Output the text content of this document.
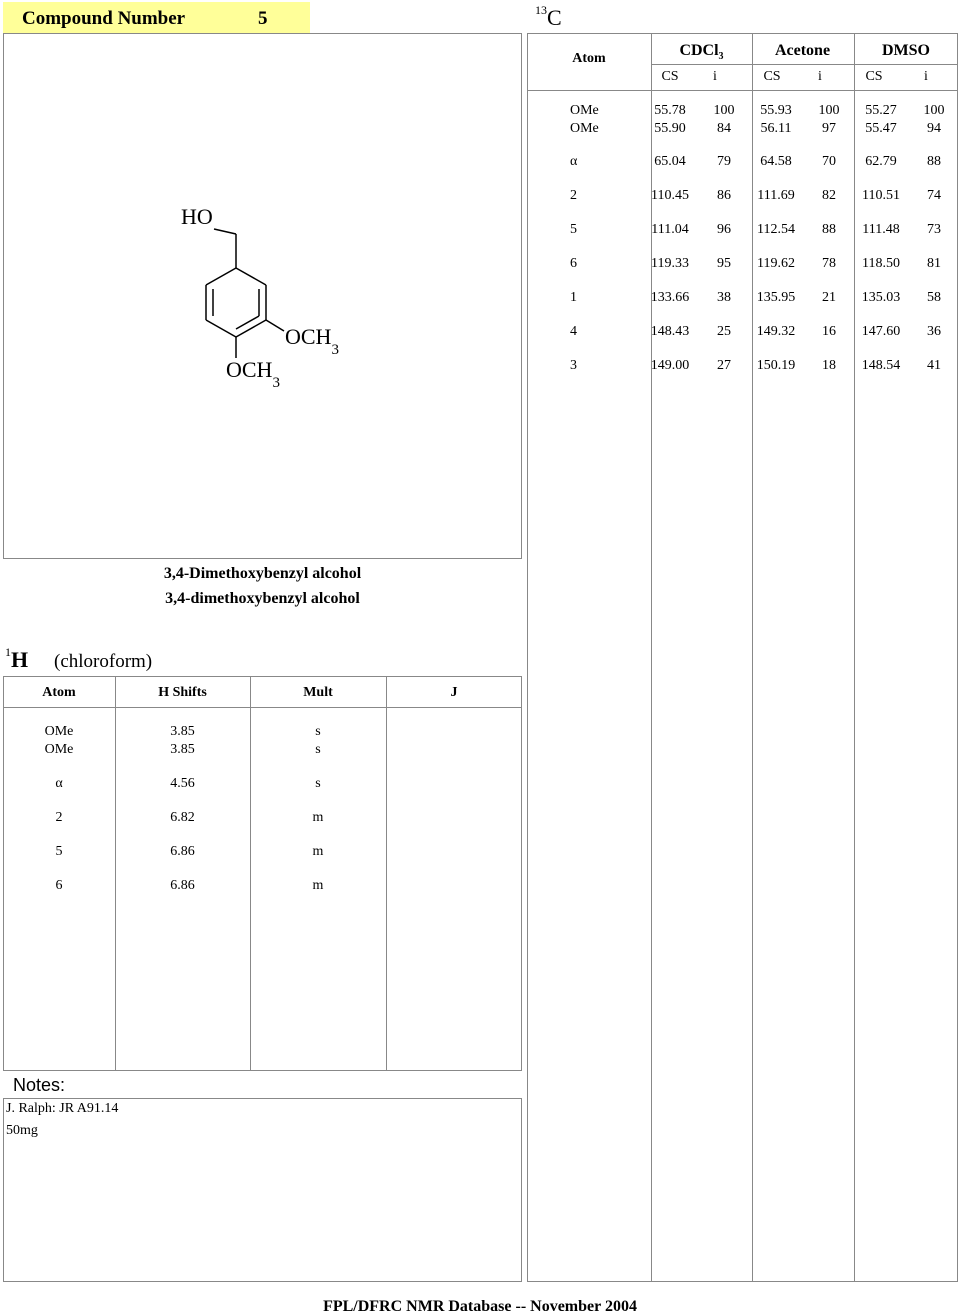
Compound Number	5	$^{13}$C
HO
$OCH_3$
$OCH_3$
Atom	CDCl$_3$	Acetone	DMSO
CS	i	CS	i	CS	i
OMe	55.78	100	55.93	100	55.27	100
OMe	55.90	84	56.11	97	55.47	94
α	65.04	79	64.58	70	62.79	88
2	110.45	86	111.69	82	110.51	74
5	111.04	96	112.54	88	111.48	73
6	119.33	95	119.62	78	118.50	81
1	133.66	38	135.95	21	135.03	58
4	148.43	25	149.32	16	147.60	36
3	149.00	27	150.19	18	148.54	41
3,4-Dimethoxybenzyl alcohol
3,4-dimethoxybenzyl alcohol
$^1$H (chloroform)
Atom	H Shifts	Mult	J
OMe	3.85	s
OMe	3.85	s
α	4.56	s
2	6.82	m
5	6.86	m
6	6.86	m
Notes:
J. Ralph: JR A91.14
50mg
FPL/DFRC NMR Database -- November 2004
